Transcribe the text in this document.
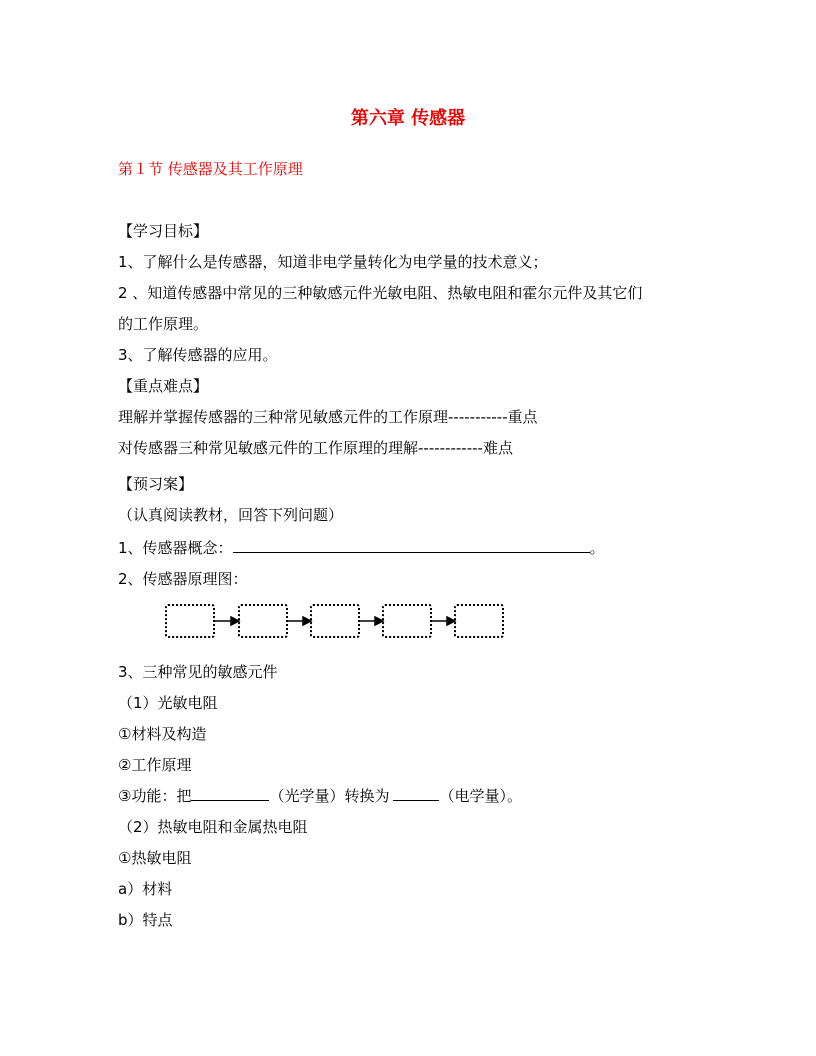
第六章 传感器
第１节 传感器及其工作原理
【学习目标】
1、了解什么是传感器，知道非电学量转化为电学量的技术意义；
2 、知道传感器中常见的三种敏感元件光敏电阻、热敏电阻和霍尔元件及其它们
的工作原理。
3、了解传感器的应用。
【重点难点】
理解并掌握传感器的三种常见敏感元件的工作原理-----------重点
对传感器三种常见敏感元件的工作原理的理解------------难点
【预习案】
（认真阅读教材，回答下列问题）
1、传感器概念：	。
2、传感器原理图：
3、三种常见的敏感元件
（1）光敏电阻
①材料及构造
②工作原理
③功能：把	（光学量）转换为	（电学量）。
（2）热敏电阻和金属热电阻
①热敏电阻
a）材料
b）特点
